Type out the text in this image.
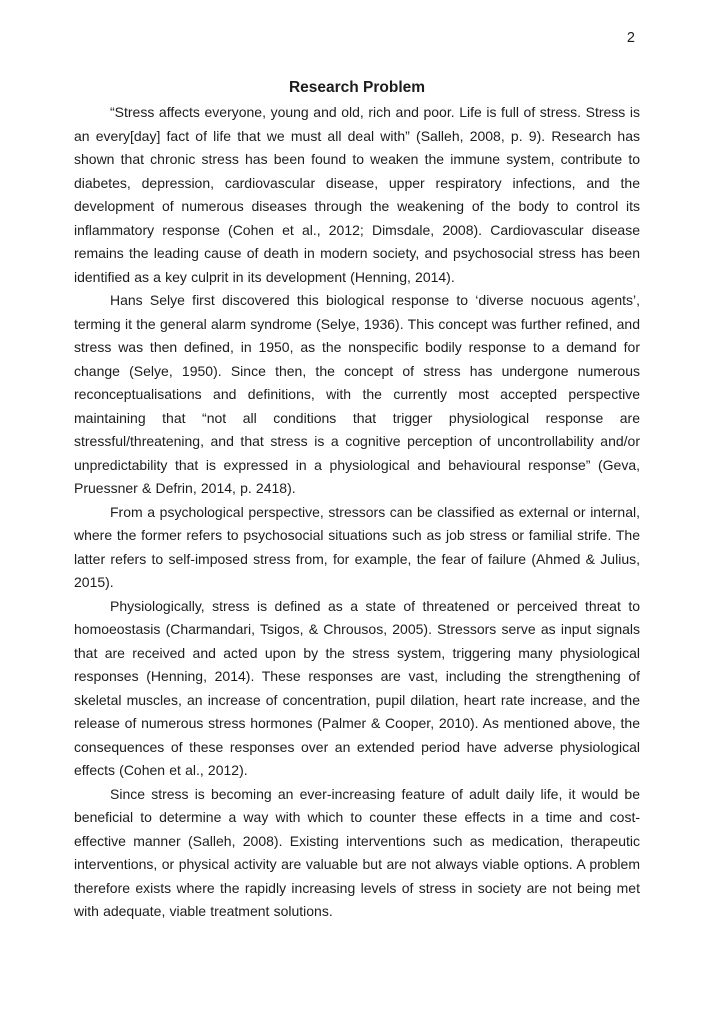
2
Research Problem

“Stress affects everyone, young and old, rich and poor. Life is full of stress. Stress is an every[day] fact of life that we must all deal with” (Salleh, 2008, p. 9). Research has shown that chronic stress has been found to weaken the immune system, contribute to diabetes, depression, cardiovascular disease, upper respiratory infections, and the development of numerous diseases through the weakening of the body to control its inflammatory response (Cohen et al., 2012; Dimsdale, 2008). Cardiovascular disease remains the leading cause of death in modern society, and psychosocial stress has been identified as a key culprit in its development (Henning, 2014).

Hans Selye first discovered this biological response to ‘diverse nocuous agents’, terming it the general alarm syndrome (Selye, 1936). This concept was further refined, and stress was then defined, in 1950, as the nonspecific bodily response to a demand for change (Selye, 1950). Since then, the concept of stress has undergone numerous reconceptualisations and definitions, with the currently most accepted perspective maintaining that “not all conditions that trigger physiological response are stressful/threatening, and that stress is a cognitive perception of uncontrollability and/or unpredictability that is expressed in a physiological and behavioural response” (Geva, Pruessner & Defrin, 2014, p. 2418).

From a psychological perspective, stressors can be classified as external or internal, where the former refers to psychosocial situations such as job stress or familial strife. The latter refers to self-imposed stress from, for example, the fear of failure (Ahmed & Julius, 2015).

Physiologically, stress is defined as a state of threatened or perceived threat to homoeostasis (Charmandari, Tsigos, & Chrousos, 2005). Stressors serve as input signals that are received and acted upon by the stress system, triggering many physiological responses (Henning, 2014). These responses are vast, including the strengthening of skeletal muscles, an increase of concentration, pupil dilation, heart rate increase, and the release of numerous stress hormones (Palmer & Cooper, 2010). As mentioned above, the consequences of these responses over an extended period have adverse physiological effects (Cohen et al., 2012).

Since stress is becoming an ever-increasing feature of adult daily life, it would be beneficial to determine a way with which to counter these effects in a time and cost-effective manner (Salleh, 2008). Existing interventions such as medication, therapeutic interventions, or physical activity are valuable but are not always viable options. A problem therefore exists where the rapidly increasing levels of stress in society are not being met with adequate, viable treatment solutions.
